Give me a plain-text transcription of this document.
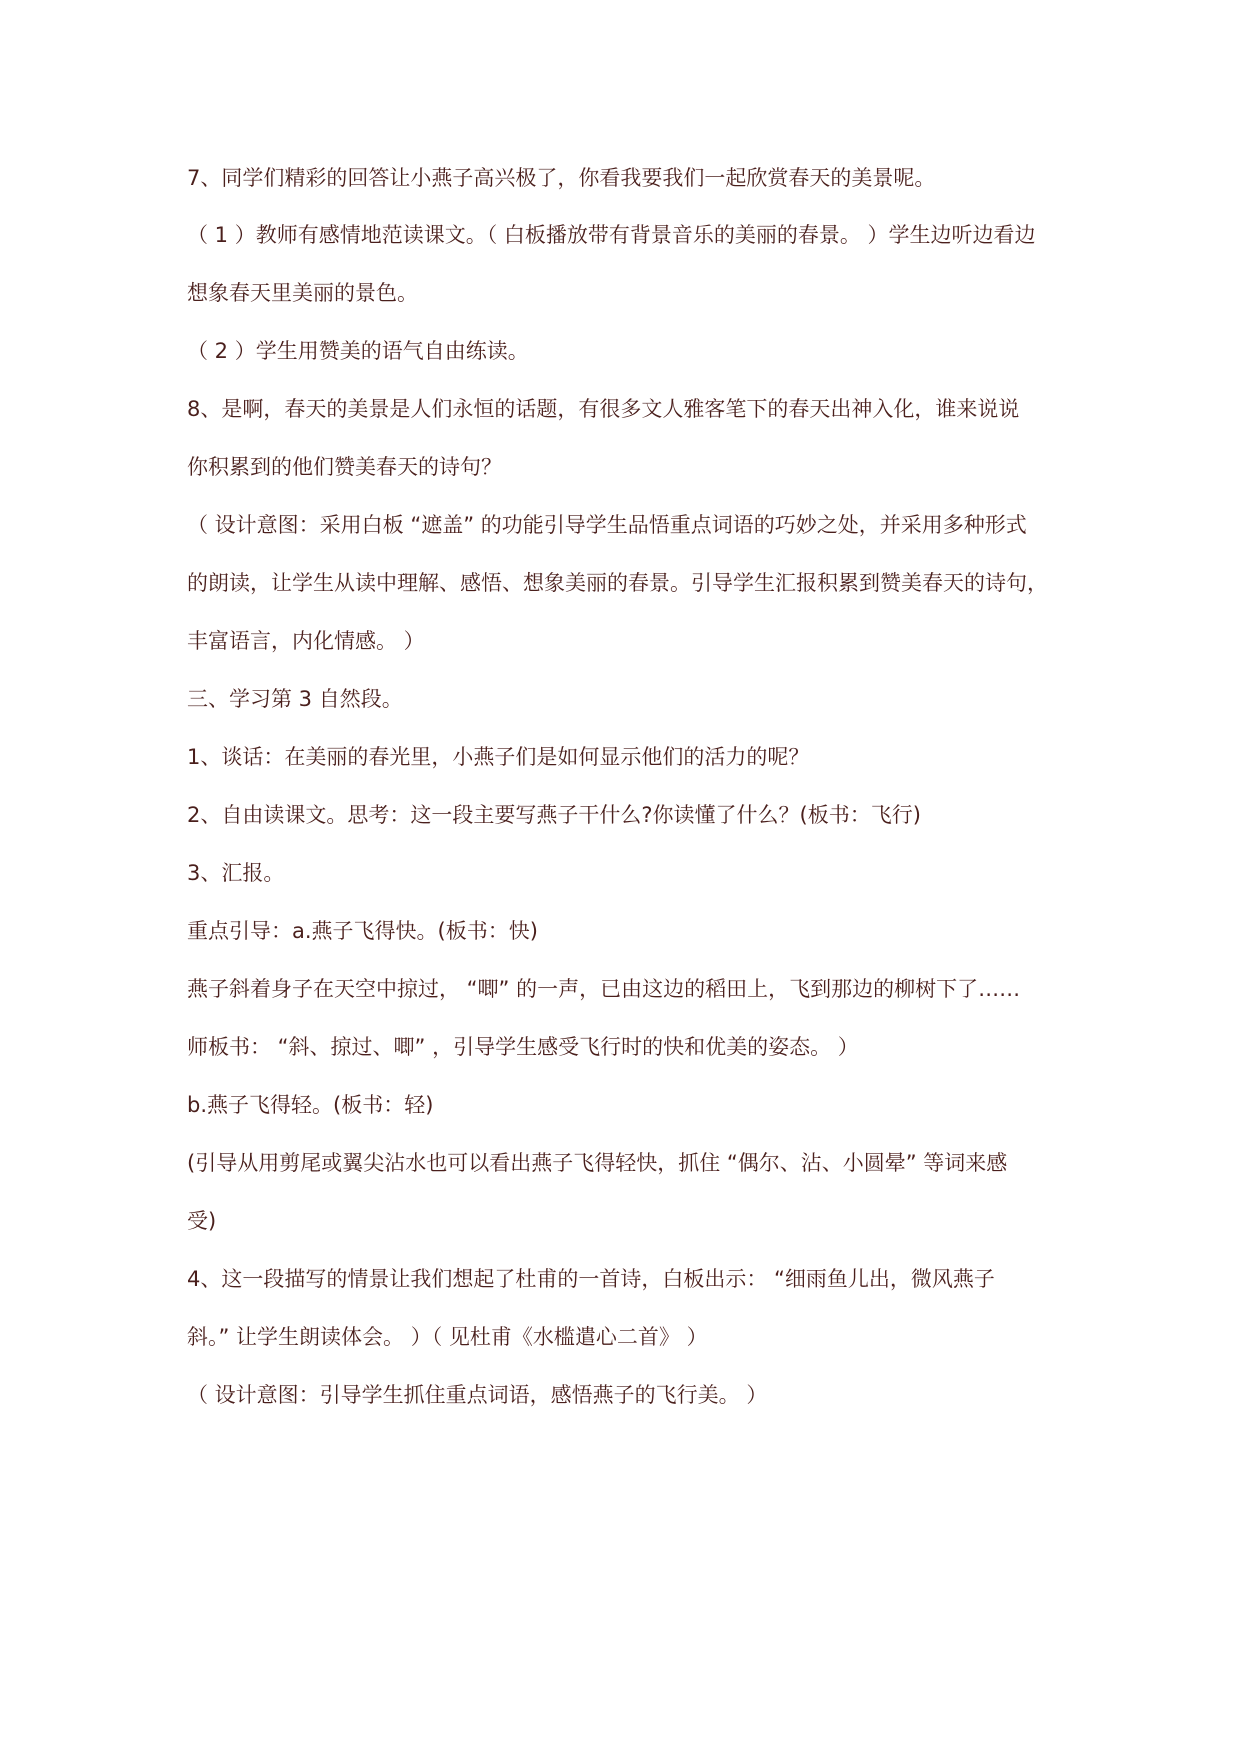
7、同学们精彩的回答让小燕子高兴极了，你看我要我们一起欣赏春天的美景呢。
（ 1 ）教师有感情地范读课文。（ 白板播放带有背景音乐的美丽的春景。 ）学生边听边看边
想象春天里美丽的景色。
（ 2 ）学生用赞美的语气自由练读。
8、是啊，春天的美景是人们永恒的话题，有很多文人雅客笔下的春天出神入化，谁来说说
你积累到的他们赞美春天的诗句？
（ 设计意图：采用白板 “遮盖” 的功能引导学生品悟重点词语的巧妙之处，并采用多种形式
的朗读，让学生从读中理解、感悟、想象美丽的春景。引导学生汇报积累到赞美春天的诗句，
丰富语言，内化情感。 ）
三、学习第 3 自然段。
1、谈话：在美丽的春光里，小燕子们是如何显示他们的活力的呢？
2、自由读课文。思考：这一段主要写燕子干什么?你读懂了什么？(板书：飞行)
3、汇报。
重点引导：a.燕子飞得快。(板书：快)
燕子斜着身子在天空中掠过， “唧” 的一声，已由这边的稻田上，飞到那边的柳树下了……
师板书： “斜、掠过、唧” ，引导学生感受飞行时的快和优美的姿态。 ）
b.燕子飞得轻。(板书：轻)
(引导从用剪尾或翼尖沾水也可以看出燕子飞得轻快，抓住 “偶尔、沾、小圆晕” 等词来感
受)
4、这一段描写的情景让我们想起了杜甫的一首诗，白板出示： “细雨鱼儿出，微风燕子
斜。” 让学生朗读体会。 ）（ 见杜甫《水槛遣心二首》 ）
（ 设计意图：引导学生抓住重点词语，感悟燕子的飞行美。 ）
